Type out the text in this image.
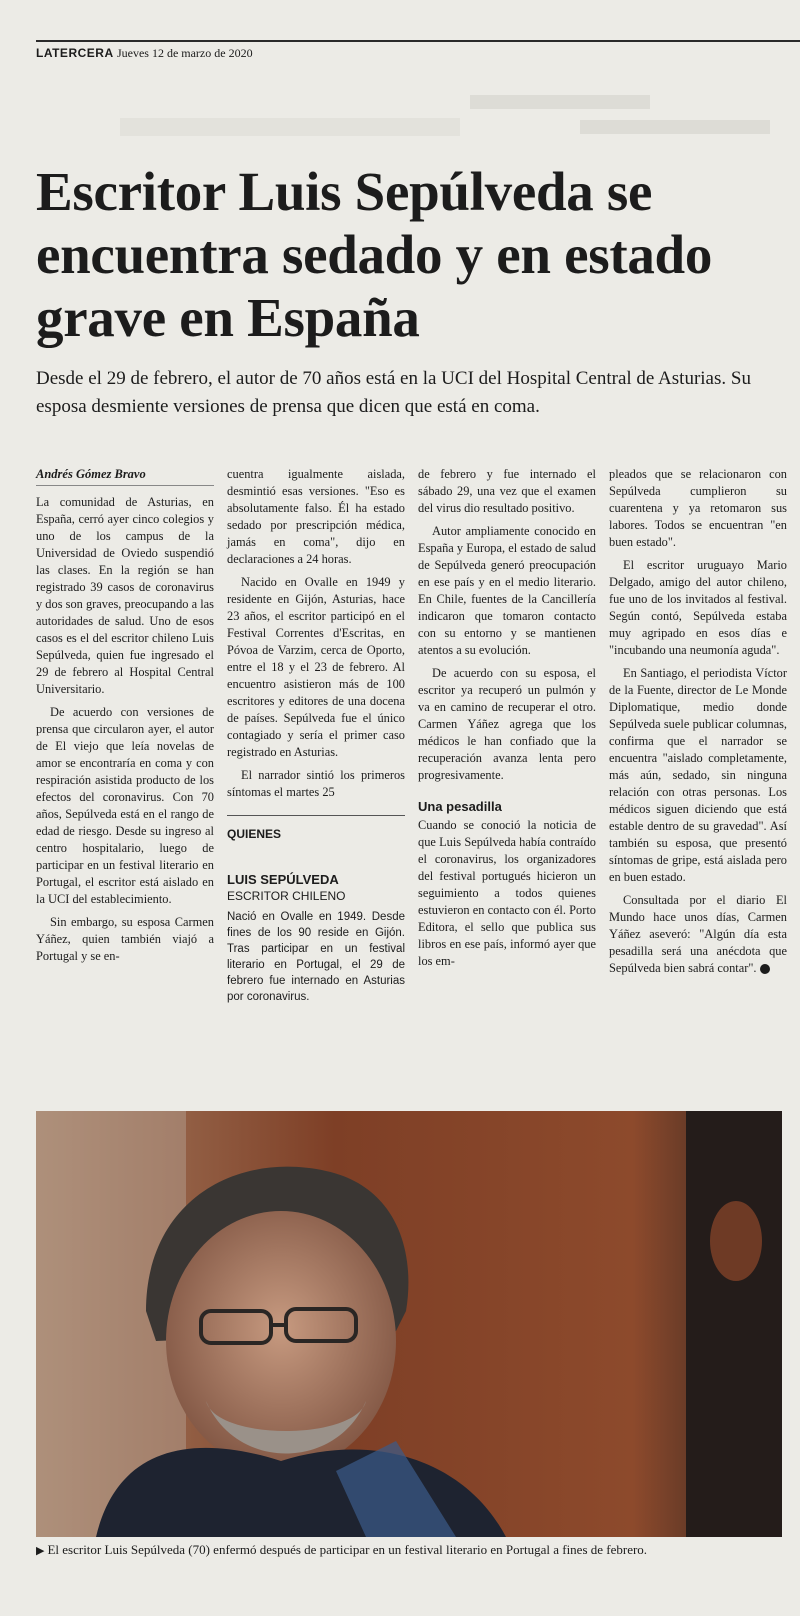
LATERCERA Jueves 12 de marzo de 2020
Escritor Luis Sepúlveda se encuentra sedado y en estado grave en España

Desde el 29 de febrero, el autor de 70 años está en la UCI del Hospital Central de Asturias. Su esposa desmiente versiones de prensa que dicen que está en coma.

Andrés Gómez Bravo

La comunidad de Asturias, en España, cerró ayer cinco colegios y uno de los campus de la Universidad de Oviedo suspendió las clases. En la región se han registrado 39 casos de coronavirus y dos son graves, preocupando a las autoridades de salud. Uno de esos casos es el del escritor chileno Luis Sepúlveda, quien fue ingresado el 29 de febrero al Hospital Central Universitario.

De acuerdo con versiones de prensa que circularon ayer, el autor de El viejo que leía novelas de amor se encontraría en coma y con respiración asistida producto de los efectos del coronavirus. Con 70 años, Sepúlveda está en el rango de edad de riesgo. Desde su ingreso al centro hospitalario, luego de participar en un festival literario en Portugal, el escritor está aislado en la UCI del establecimiento.

Sin embargo, su esposa Carmen Yáñez, quien también viajó a Portugal y se en-

cuentra igualmente aislada, desmintió esas versiones. "Eso es absolutamente falso. Él ha estado sedado por prescripción médica, jamás en coma", dijo en declaraciones a 24 horas.

Nacido en Ovalle en 1949 y residente en Gijón, Asturias, hace 23 años, el escritor participó en el Festival Correntes d'Escritas, en Póvoa de Varzim, cerca de Oporto, entre el 18 y el 23 de febrero. Al encuentro asistieron más de 100 escritores y editores de una docena de países. Sepúlveda fue el único contagiado y sería el primer caso registrado en Asturias.

El narrador sintió los primeros síntomas el martes 25

QUIENES
LUIS SEPÚLVEDA
ESCRITOR CHILENO
Nació en Ovalle en 1949. Desde fines de los 90 reside en Gijón. Tras participar en un festival literario en Portugal, el 29 de febrero fue internado en Asturias por coronavirus.

de febrero y fue internado el sábado 29, una vez que el examen del virus dio resultado positivo.

Autor ampliamente conocido en España y Europa, el estado de salud de Sepúlveda generó preocupación en ese país y en el medio literario. En Chile, fuentes de la Cancillería indicaron que tomaron contacto con su entorno y se mantienen atentos a su evolución.

De acuerdo con su esposa, el escritor ya recuperó un pulmón y va en camino de recuperar el otro. Carmen Yáñez agrega que los médicos le han confiado que la recuperación avanza lenta pero progresivamente.

Una pesadilla

Cuando se conoció la noticia de que Luis Sepúlveda había contraído el coronavirus, los organizadores del festival portugués hicieron un seguimiento a todos quienes estuvieron en contacto con él. Porto Editora, el sello que publica sus libros en ese país, informó ayer que los em-

pleados que se relacionaron con Sepúlveda cumplieron su cuarentena y ya retomaron sus labores. Todos se encuentran "en buen estado".

El escritor uruguayo Mario Delgado, amigo del autor chileno, fue uno de los invitados al festival. Según contó, Sepúlveda estaba muy agripado en esos días e "incubando una neumonía aguda".

En Santiago, el periodista Víctor de la Fuente, director de Le Monde Diplomatique, medio donde Sepúlveda suele publicar columnas, confirma que el narrador se encuentra "aislado completamente, más aún, sedado, sin ninguna relación con otras personas. Los médicos siguen diciendo que está estable dentro de su gravedad". Así también su esposa, que presentó síntomas de gripe, está aislada pero en buen estado.

Consultada por el diario El Mundo hace unos días, Carmen Yáñez aseveró: "Algún día esta pesadilla será una anécdota que Sepúlveda bien sabrá contar".

▶ El escritor Luis Sepúlveda (70) enfermó después de participar en un festival literario en Portugal a fines de febrero.
